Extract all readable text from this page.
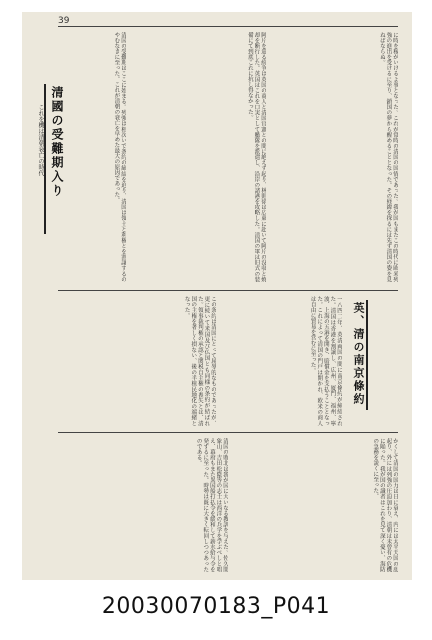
39
に時を稼がいけるよ事となった。これが常時の清国の国情であった。我が国もまたこの時代に欧米列強の進出を受けるに至り、鎖国の夢から醒めることとなった。その経緯を探るには先ず清国の姿を見ねばならぬ。
阿片を巡る紛争は英国の商人と清国官憲との間に絶えず起り、林則徐は広東に赴いて阿片の没収と焼却を断行した。英国はこれを口実として艦隊を派遣し、沿岸の諸港を攻略した。清国の軍は旧式の装備にて到底これに抗し得なかった。
清国の受難期はここに始まる。列強は相次いで条約の締結を迫り、清国は領土と利権とを割譲するのやむなきに至った。これが清朝の衰亡を早めた最大の原因であった。
清國の受難期入り
これを機は清朝衰亡の時代
英、清の南京條約
一八四二年、英清両国の間に南京條約が締結された。清国は香港を割譲し、広州、厦門、福州、寧波、上海の五港を開き、賠償金を支払うこととなった。これによって清国の門戸は開かれ、欧米の商人は自由に貿易を営むに至った。
この条約は清国にとって屈辱的なものであったが、更に続いて米国及び仏国とも同様の条約が結ばれた。領事裁判権の承認と関税自主権の喪失とは、清国の主権を著しく損ない、後の半植民地化の端緒となった。
かくして清国の国力は日に衰え、内には太平天国の乱起り、外には列強の圧迫加わり、清朝は未曾有の危機に陥った。我が国の識者はこれを見て深く憂い、海防の急務を説くに至った。
清国の敗北は我が国に大いなる教訓を与えた。佐久間象山、吉田松陰等の志士は西洋の兵学を学ぶべしと唱え、幕府もまた異国船打払令を緩和して薪水給与令を発するに至った。時勢は既に大きく転回しつつあったのである。
20030070183_P041
